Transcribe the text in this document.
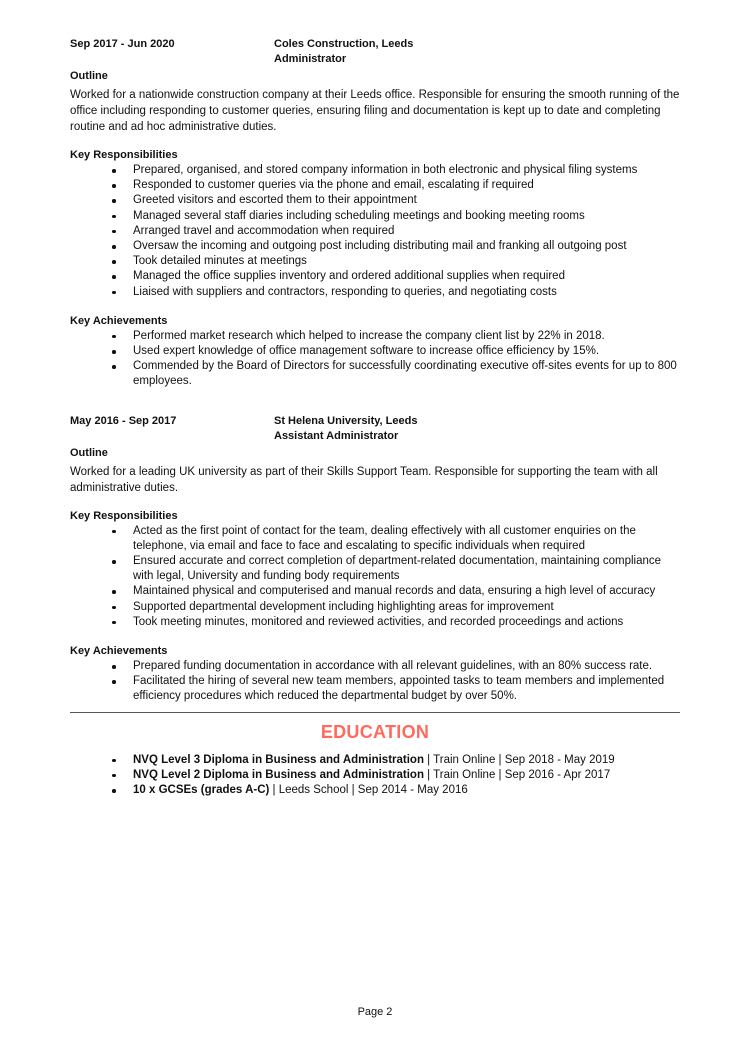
Sep 2017 - Jun 2020	Coles Construction, Leeds
Administrator
Outline

Worked for a nationwide construction company at their Leeds office. Responsible for ensuring the smooth running of the office including responding to customer queries, ensuring filing and documentation is kept up to date and completing routine and ad hoc administrative duties.

Key Responsibilities
Prepared, organised, and stored company information in both electronic and physical filing systems
Responded to customer queries via the phone and email, escalating if required
Greeted visitors and escorted them to their appointment
Managed several staff diaries including scheduling meetings and booking meeting rooms
Arranged travel and accommodation when required
Oversaw the incoming and outgoing post including distributing mail and franking all outgoing post
Took detailed minutes at meetings
Managed the office supplies inventory and ordered additional supplies when required
Liaised with suppliers and contractors, responding to queries, and negotiating costs
Key Achievements
Performed market research which helped to increase the company client list by 22% in 2018.
Used expert knowledge of office management software to increase office efficiency by 15%.
Commended by the Board of Directors for successfully coordinating executive off-sites events for up to 800 employees.
May 2016 - Sep 2017	St Helena University, Leeds
Assistant Administrator
Outline

Worked for a leading UK university as part of their Skills Support Team. Responsible for supporting the team with all administrative duties.

Key Responsibilities
Acted as the first point of contact for the team, dealing effectively with all customer enquiries on the telephone, via email and face to face and escalating to specific individuals when required
Ensured accurate and correct completion of department-related documentation, maintaining compliance with legal, University and funding body requirements
Maintained physical and computerised and manual records and data, ensuring a high level of accuracy
Supported departmental development including highlighting areas for improvement
Took meeting minutes, monitored and reviewed activities, and recorded proceedings and actions
Key Achievements
Prepared funding documentation in accordance with all relevant guidelines, with an 80% success rate.
Facilitated the hiring of several new team members, appointed tasks to team members and implemented efficiency procedures which reduced the departmental budget by over 50%.
EDUCATION
NVQ Level 3 Diploma in Business and Administration | Train Online | Sep 2018 - May 2019
NVQ Level 2 Diploma in Business and Administration | Train Online | Sep 2016 - Apr 2017
10 x GCSEs (grades A-C) | Leeds School | Sep 2014 - May 2016
Page 2
